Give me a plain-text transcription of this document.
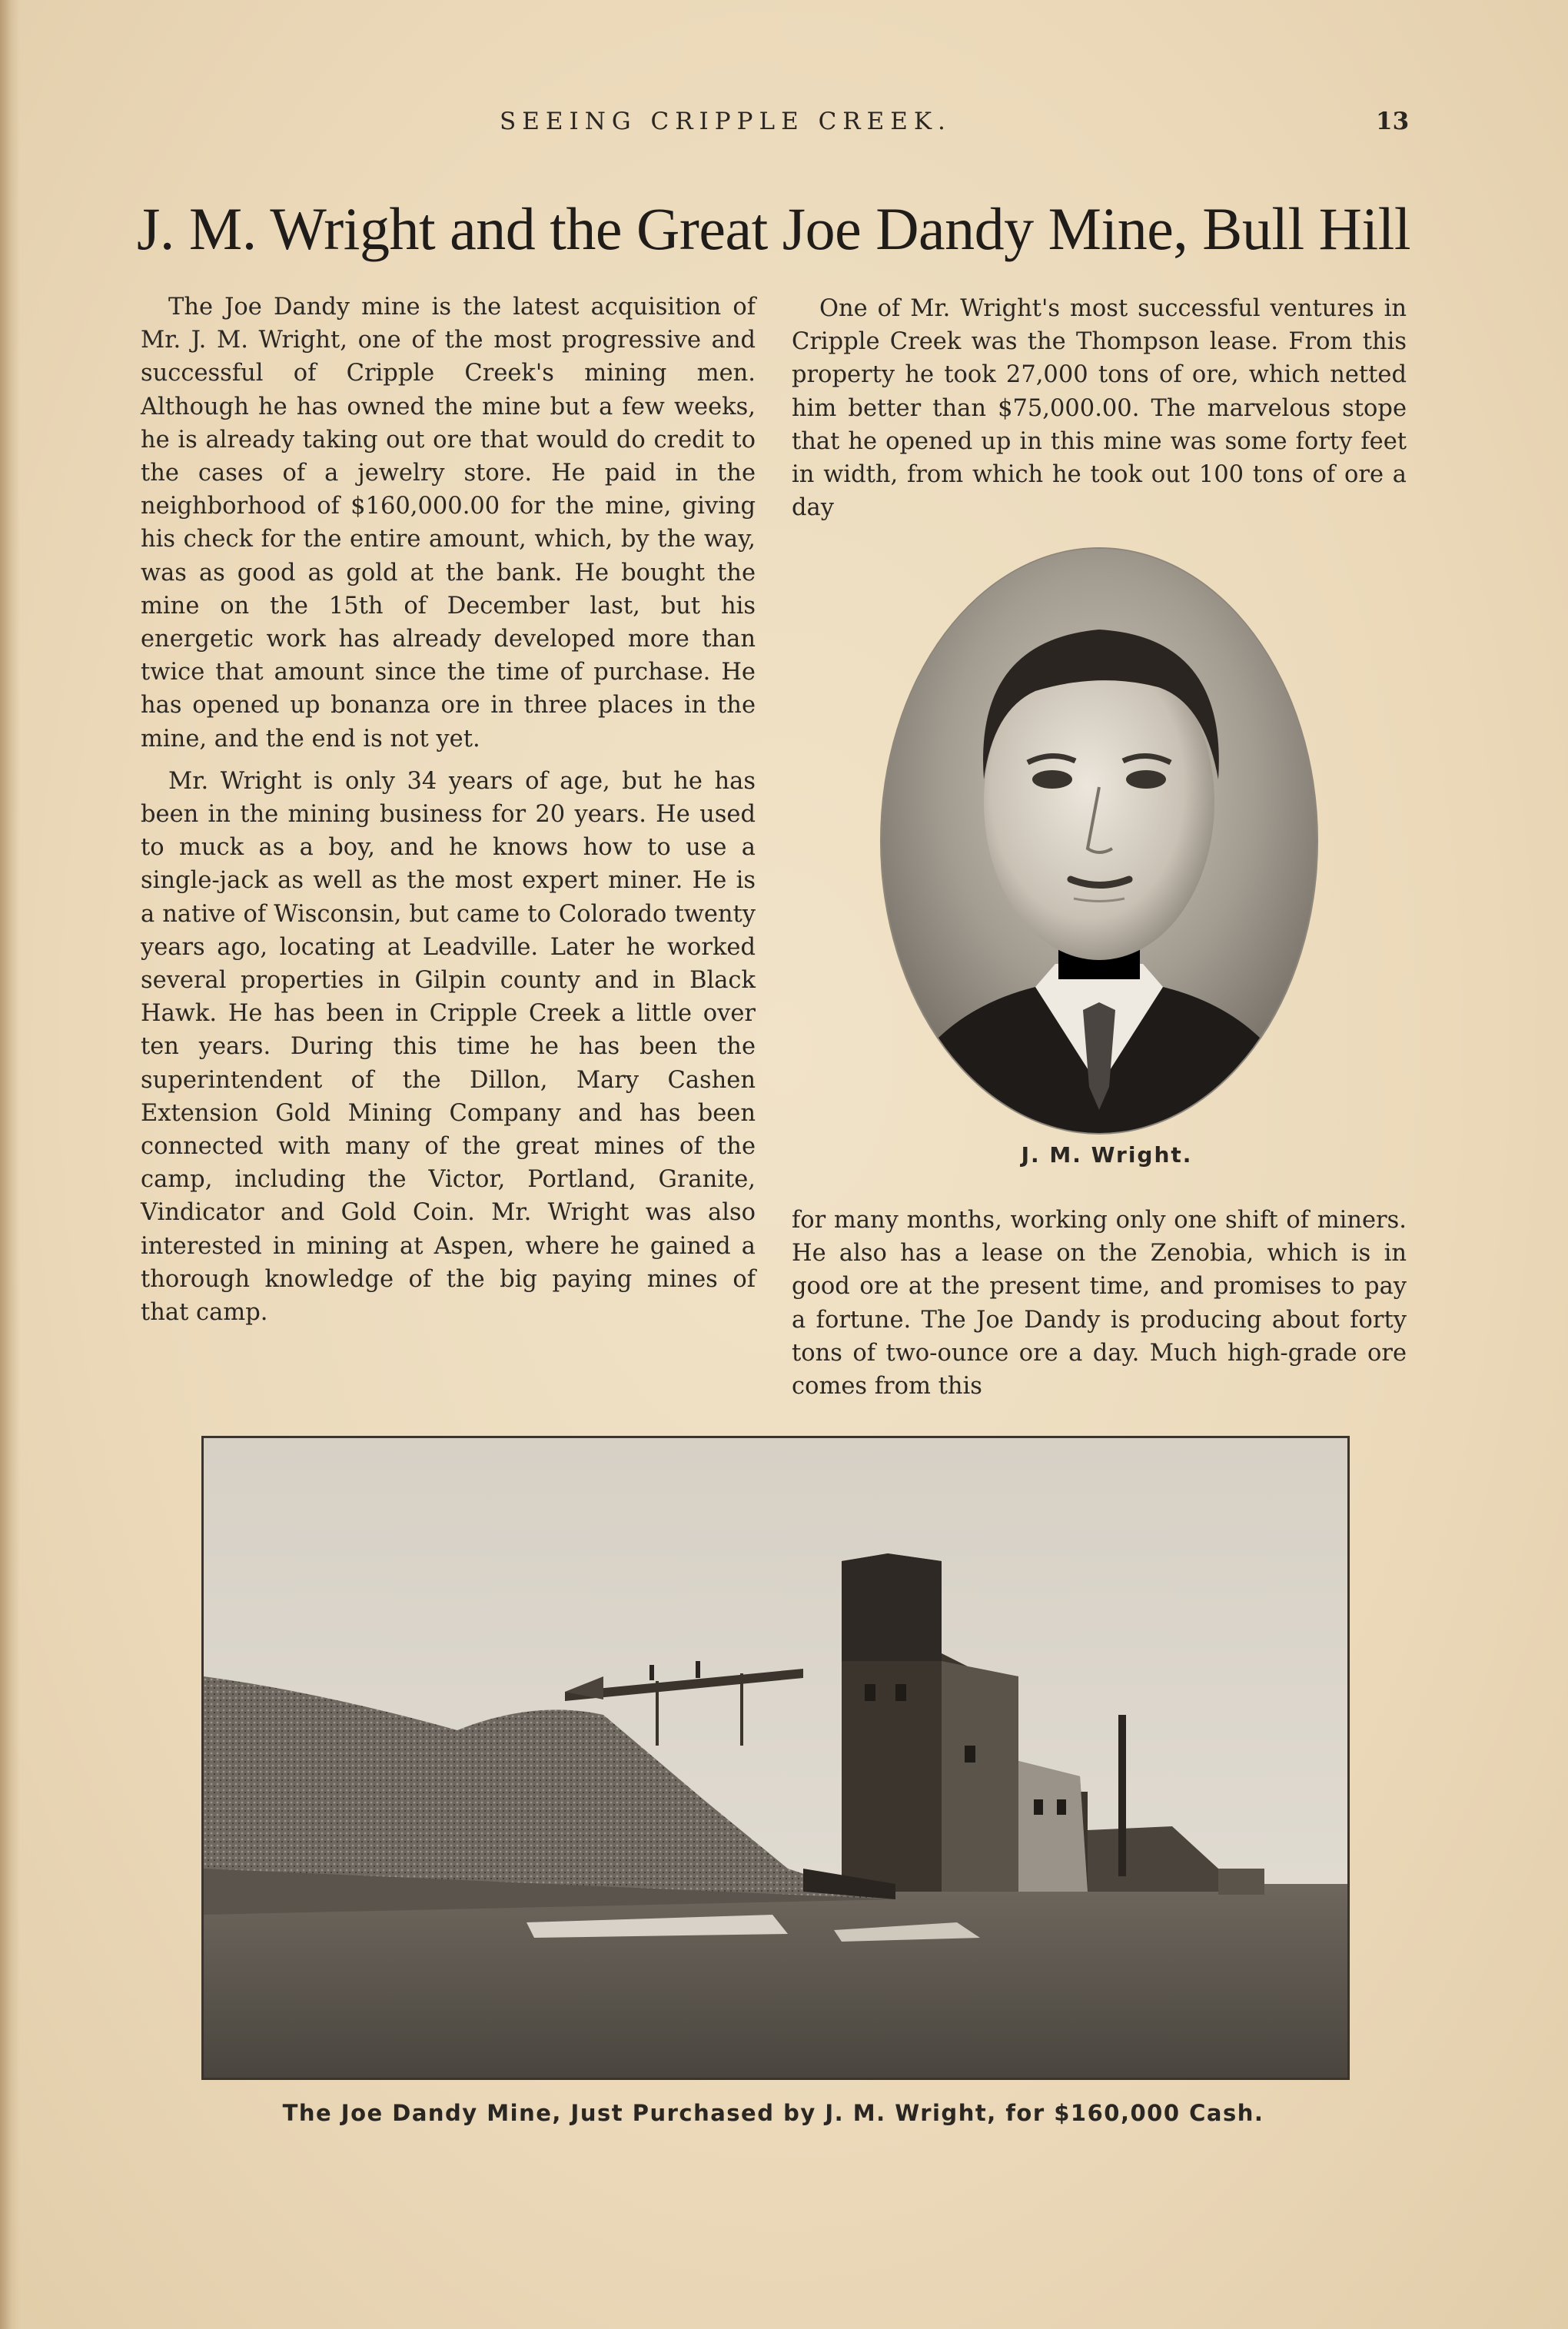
SEEING CRIPPLE CREEK.	13
J. M. Wright and the Great Joe Dandy Mine, Bull Hill

The Joe Dandy mine is the latest acquisition of Mr. J. M. Wright, one of the most progressive and successful of Cripple Creek's mining men. Although he has owned the mine but a few weeks, he is already taking out ore that would do credit to the cases of a jewelry store. He paid in the neighborhood of $160,000.00 for the mine, giving his check for the entire amount, which, by the way, was as good as gold at the bank. He bought the mine on the 15th of December last, but his energetic work has already developed more than twice that amount since the time of purchase. He has opened up bonanza ore in three places in the mine, and the end is not yet.

Mr. Wright is only 34 years of age, but he has been in the mining business for 20 years. He used to muck as a boy, and he knows how to use a single-jack as well as the most expert miner. He is a native of Wisconsin, but came to Colorado twenty years ago, locating at Leadville. Later he worked several properties in Gilpin county and in Black Hawk. He has been in Cripple Creek a little over ten years. During this time he has been the superintendent of the Dillon, Mary Cashen Extension Gold Mining Company and has been connected with many of the great mines of the camp, including the Victor, Portland, Granite, Vindicator and Gold Coin. Mr. Wright was also interested in mining at Aspen, where he gained a thorough knowledge of the big paying mines of that camp.

One of Mr. Wright's most successful ventures in Cripple Creek was the Thompson lease. From this property he took 27,000 tons of ore, which netted him better than $75,000.00. The marvelous stope that he opened up in this mine was some forty feet in width, from which he took out 100 tons of ore a day

J. M. Wright.

for many months, working only one shift of miners. He also has a lease on the Zenobia, which is in good ore at the present time, and promises to pay a fortune. The Joe Dandy is producing about forty tons of two-ounce ore a day. Much high-grade ore comes from this

The Joe Dandy Mine, Just Purchased by J. M. Wright, for $160,000 Cash.
